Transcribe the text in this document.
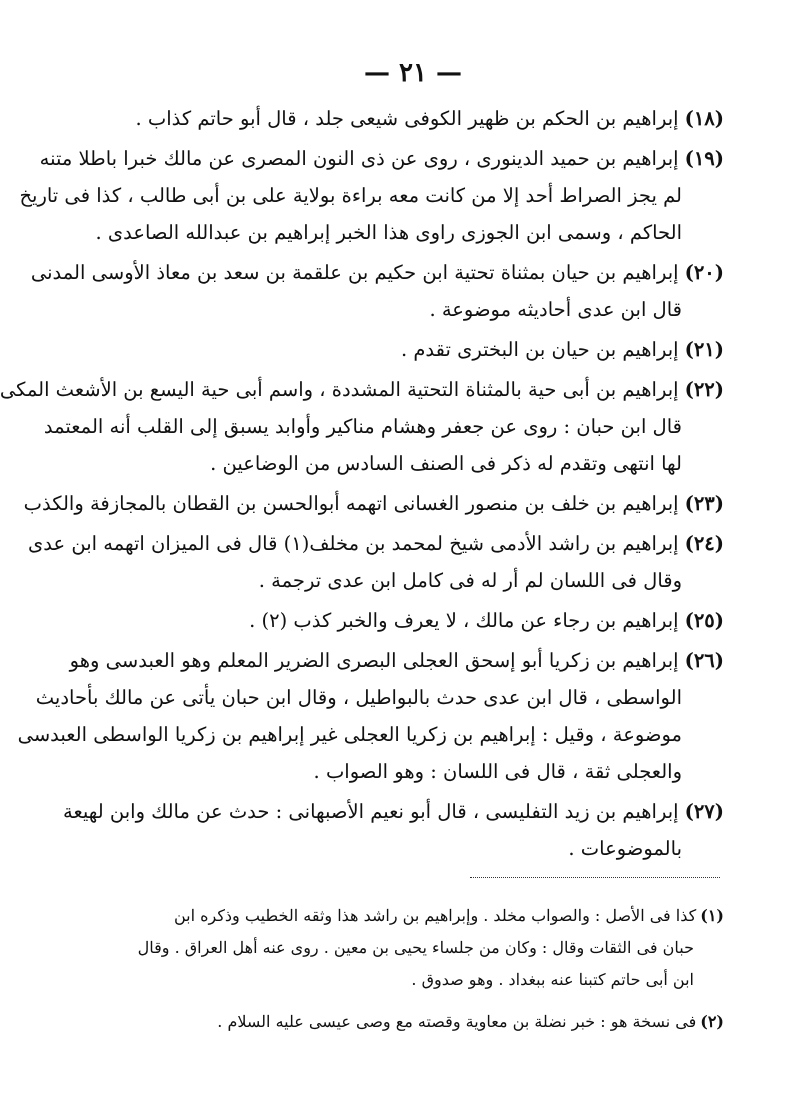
— ٢١ —
(١٨)إبراهيم بن الحكم بن ظهير الكوفى شيعى جلد ، قال أبو حاتم كذاب .
(١٩)إبراهيم بن حميد الدينورى ، روى عن ذى النون المصرى عن مالك خبرا باطلا متنه
لم يجز الصراط أحد إلا من كانت معه براءة بولاية على بن أبى طالب ، كذا فى تاريخ
الحاكم ، وسمى ابن الجوزى راوى هذا الخبر إبراهيم بن عبدالله الصاعدى .
(٢٠)إبراهيم بن حيان بمثناة تحتية ابن حكيم بن علقمة بن سعد بن معاذ الأوسى المدنى
قال ابن عدى أحاديثه موضوعة .
(٢١)إبراهيم بن حيان بن البخترى تقدم .
(٢٢)إبراهيم بن أبى حية بالمثناة التحتية المشددة ، واسم أبى حية اليسع بن الأشعث المكى
قال ابن حبان : روى عن جعفر وهشام مناكير وأوابد يسبق إلى القلب أنه المعتمد
لها انتهى وتقدم له ذكر فى الصنف السادس من الوضاعين .
(٢٣)إبراهيم بن خلف بن منصور الغسانى اتهمه أبوالحسن بن القطان بالمجازفة والكذب
(٢٤)إبراهيم بن راشد الأدمى شيخ لمحمد بن مخلف(١) قال فى الميزان اتهمه ابن عدى
وقال فى اللسان لم أر له فى كامل ابن عدى ترجمة .
(٢٥)إبراهيم بن رجاء عن مالك ، لا يعرف والخبر كذب (٢) .
(٢٦)إبراهيم بن زكريا أبو إسحق العجلى البصرى الضرير المعلم وهو العبدسى وهو
الواسطى ، قال ابن عدى حدث بالبواطيل ، وقال ابن حبان يأتى عن مالك بأحاديث
موضوعة ، وقيل : إبراهيم بن زكريا العجلى غير إبراهيم بن زكريا الواسطى العبدسى
والعجلى ثقة ، قال فى اللسان : وهو الصواب .
(٢٧)إبراهيم بن زيد التفليسى ، قال أبو نعيم الأصبهانى : حدث عن مالك وابن لهيعة
بالموضوعات .
(١)كذا فى الأصل : والصواب مخلد . وإبراهيم بن راشد هذا وثقه الخطيب وذكره ابن
حبان فى الثقات وقال : وكان من جلساء يحيى بن معين . روى عنه أهل العراق . وقال
ابن أبى حاتم كتبنا عنه ببغداد . وهو صدوق .
(٢)فى نسخة هو : خبر نضلة بن معاوية وقصته مع وصى عيسى عليه السلام .
